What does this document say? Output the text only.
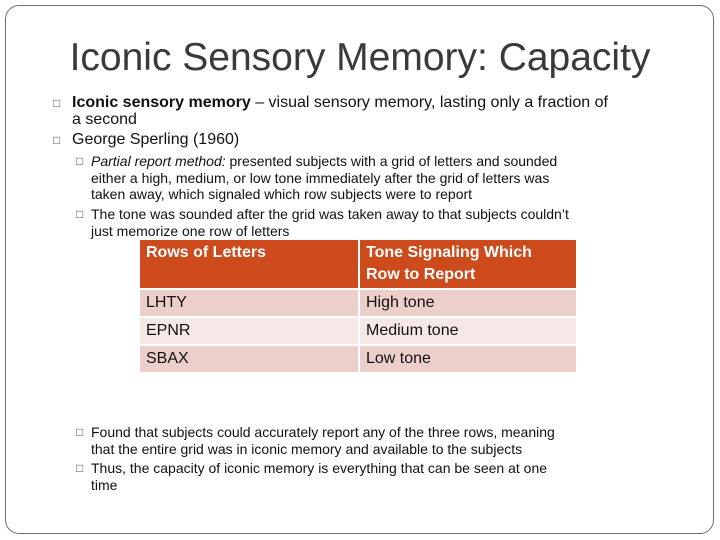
Iconic Sensory Memory: Capacity
□ Iconic sensory memory – visual sensory memory, lasting only a fraction of
a second
□ George Sperling (1960)
□ Partial report method: presented subjects with a grid of letters and sounded
either a high, medium, or low tone immediately after the grid of letters was
taken away, which signaled which row subjects were to report
□ The tone was sounded after the grid was taken away to that subjects couldn’t
just memorize one row of letters
Rows of Letters	Tone Signaling Which Row to Report
LHTY	High tone
EPNR	Medium tone
SBAX	Low tone
□ Found that subjects could accurately report any of the three rows, meaning
that the entire grid was in iconic memory and available to the subjects
□ Thus, the capacity of iconic memory is everything that can be seen at one
time
